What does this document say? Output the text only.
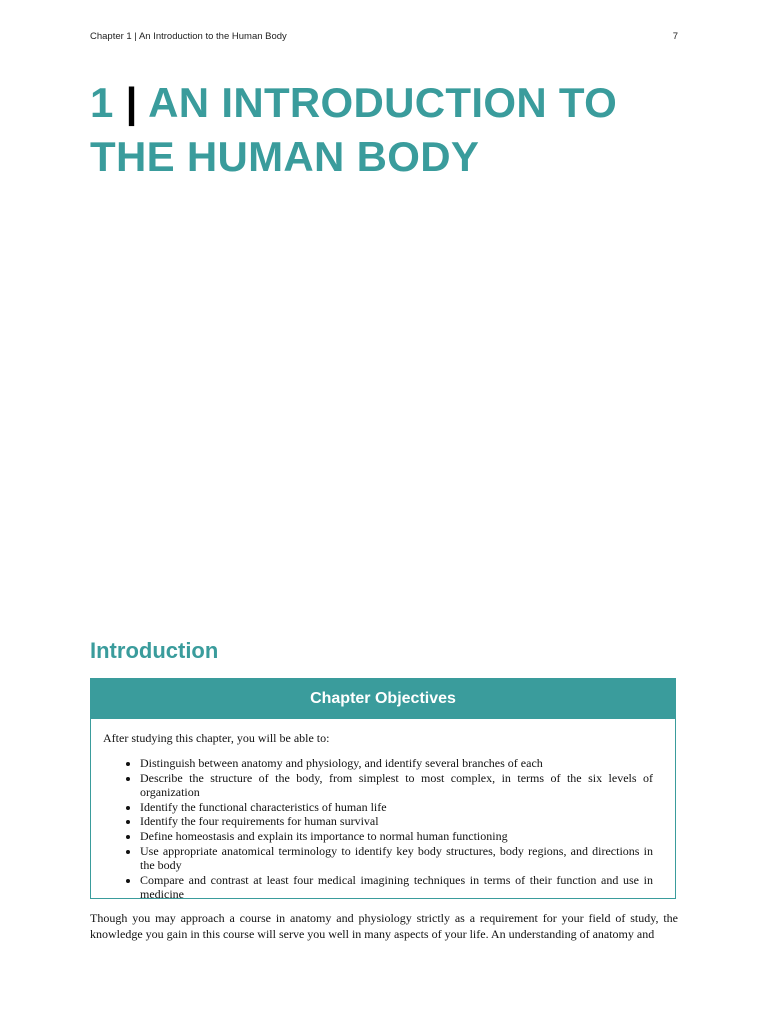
Chapter 1 | An Introduction to the Human Body	7
1 | AN INTRODUCTION TO
THE HUMAN BODY
Introduction
Chapter Objectives
After studying this chapter, you will be able to:
• Distinguish between anatomy and physiology, and identify several branches of each
• Describe the structure of the body, from simplest to most complex, in terms of the six levels of organization
• Identify the functional characteristics of human life
• Identify the four requirements for human survival
• Define homeostasis and explain its importance to normal human functioning
• Use appropriate anatomical terminology to identify key body structures, body regions, and directions in the body
• Compare and contrast at least four medical imagining techniques in terms of their function and use in medicine

Though you may approach a course in anatomy and physiology strictly as a requirement for your field of study, the knowledge you gain in this course will serve you well in many aspects of your life. An understanding of anatomy and
